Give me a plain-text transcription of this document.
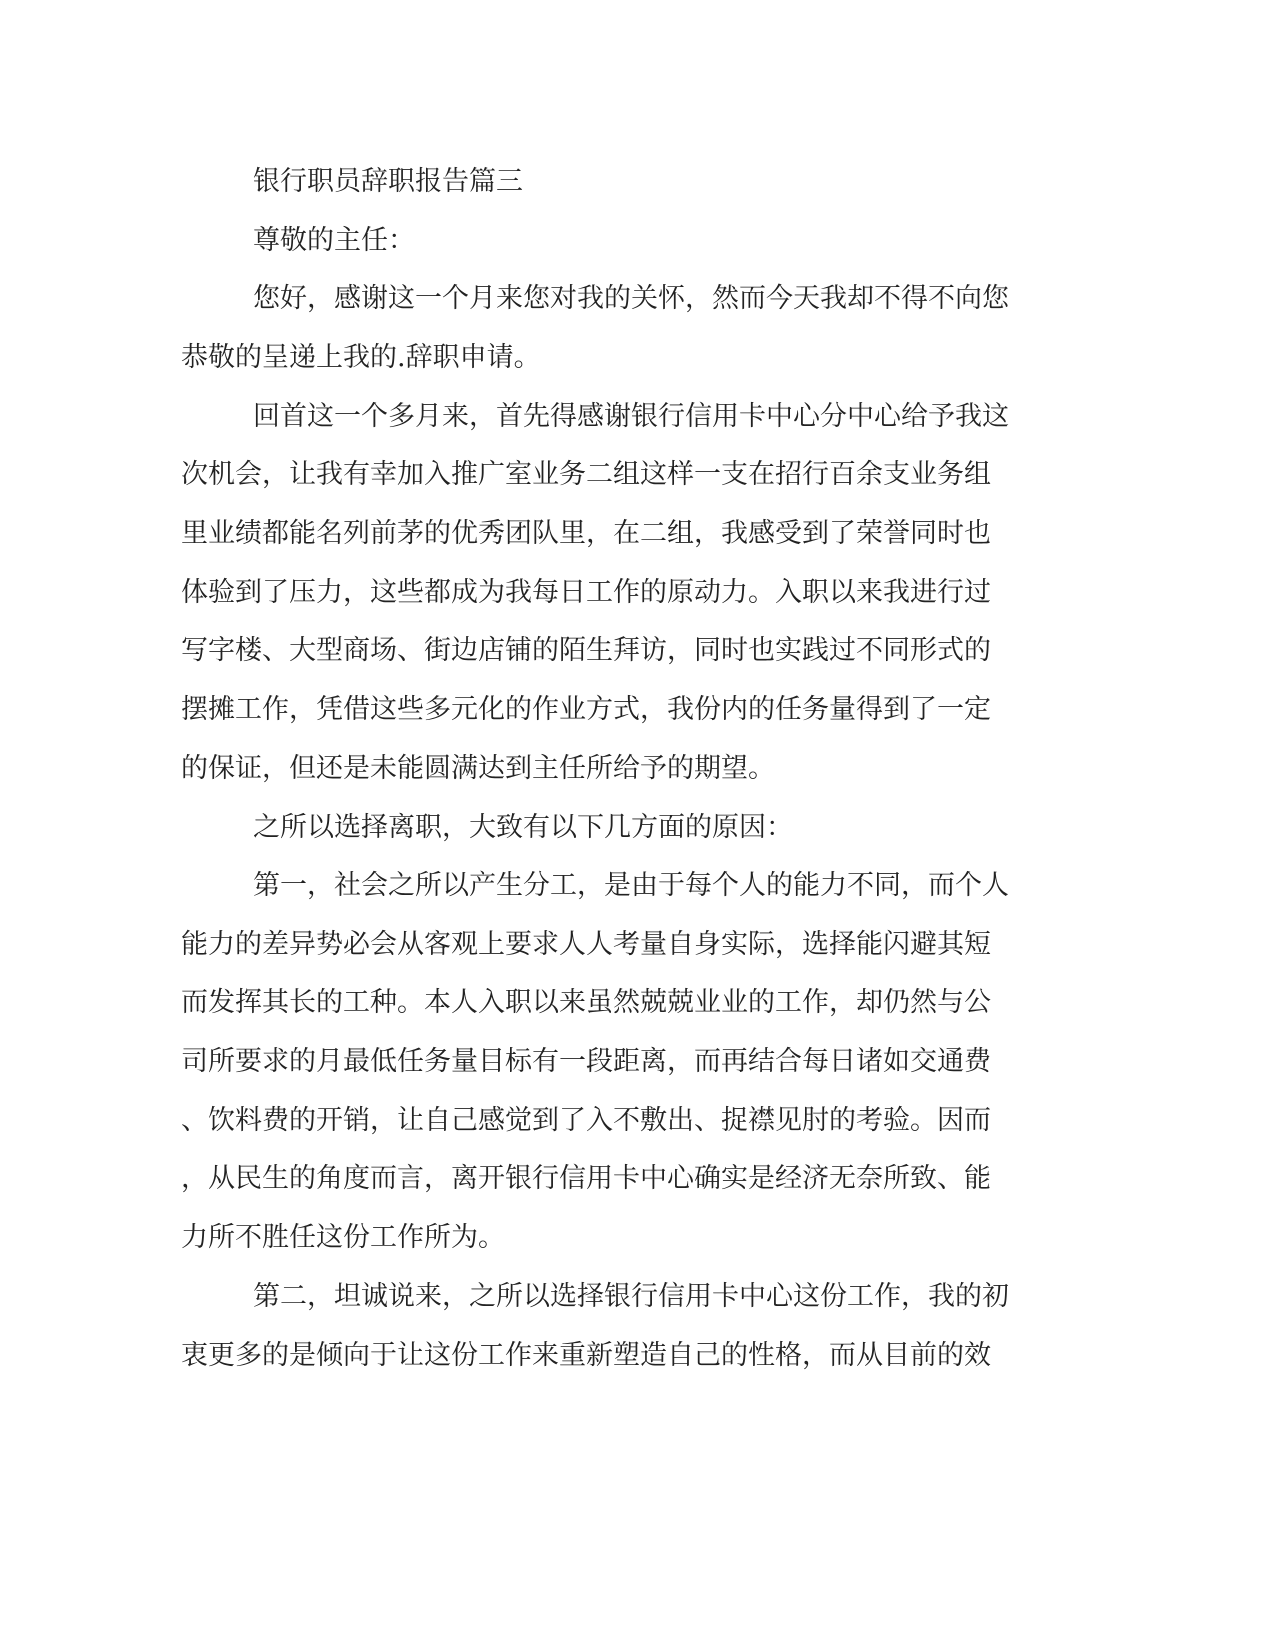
银行职员辞职报告篇三

尊敬的主任：

您好，感谢这一个月来您对我的关怀，然而今天我却不得不向您

恭敬的呈递上我的.辞职申请。

回首这一个多月来，首先得感谢银行信用卡中心分中心给予我这

次机会，让我有幸加入推广室业务二组这样一支在招行百余支业务组

里业绩都能名列前茅的优秀团队里，在二组，我感受到了荣誉同时也

体验到了压力，这些都成为我每日工作的原动力。入职以来我进行过

写字楼、大型商场、街边店铺的陌生拜访，同时也实践过不同形式的

摆摊工作，凭借这些多元化的作业方式，我份内的任务量得到了一定

的保证，但还是未能圆满达到主任所给予的期望。

之所以选择离职，大致有以下几方面的原因：

第一，社会之所以产生分工，是由于每个人的能力不同，而个人

能力的差异势必会从客观上要求人人考量自身实际，选择能闪避其短

而发挥其长的工种。本人入职以来虽然兢兢业业的工作，却仍然与公

司所要求的月最低任务量目标有一段距离，而再结合每日诸如交通费

、饮料费的开销，让自己感觉到了入不敷出、捉襟见肘的考验。因而

，从民生的角度而言，离开银行信用卡中心确实是经济无奈所致、能

力所不胜任这份工作所为。

第二，坦诚说来，之所以选择银行信用卡中心这份工作，我的初

衷更多的是倾向于让这份工作来重新塑造自己的性格，而从目前的效
